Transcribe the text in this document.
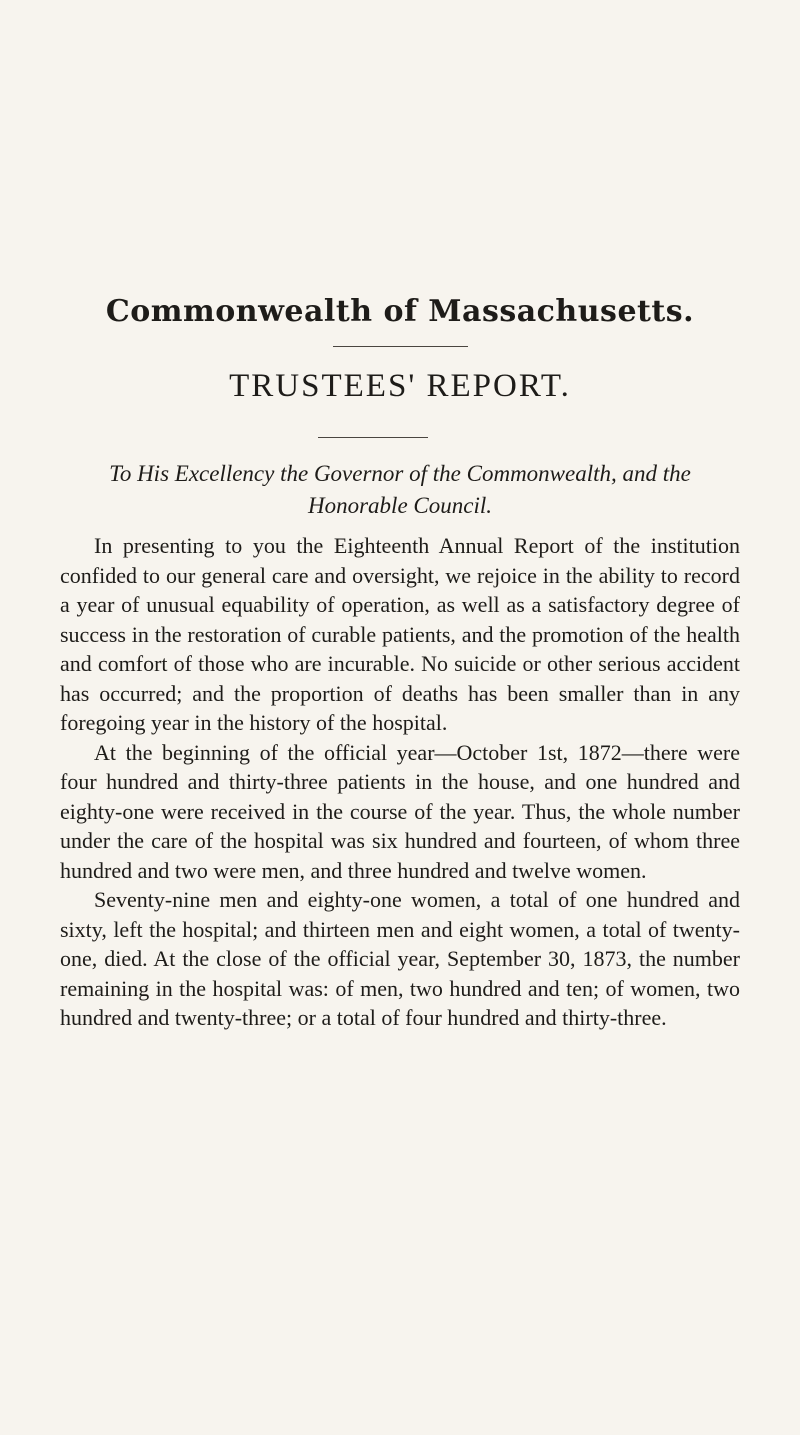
Commonwealth of Massachusetts.
TRUSTEES' REPORT.
To His Excellency the Governor of the Commonwealth, and the Honorable Council.

In presenting to you the Eighteenth Annual Report of the institution confided to our general care and oversight, we rejoice in the ability to record a year of unusual equability of operation, as well as a satisfactory degree of success in the restoration of curable patients, and the promotion of the health and comfort of those who are incurable. No suicide or other serious accident has occurred; and the proportion of deaths has been smaller than in any foregoing year in the history of the hospital.

At the beginning of the official year—October 1st, 1872—there were four hundred and thirty-three patients in the house, and one hundred and eighty-one were received in the course of the year. Thus, the whole number under the care of the hospital was six hundred and fourteen, of whom three hundred and two were men, and three hundred and twelve women.

Seventy-nine men and eighty-one women, a total of one hundred and sixty, left the hospital; and thirteen men and eight women, a total of twenty-one, died. At the close of the official year, September 30, 1873, the number remaining in the hospital was: of men, two hundred and ten; of women, two hundred and twenty-three; or a total of four hundred and thirty-three.
